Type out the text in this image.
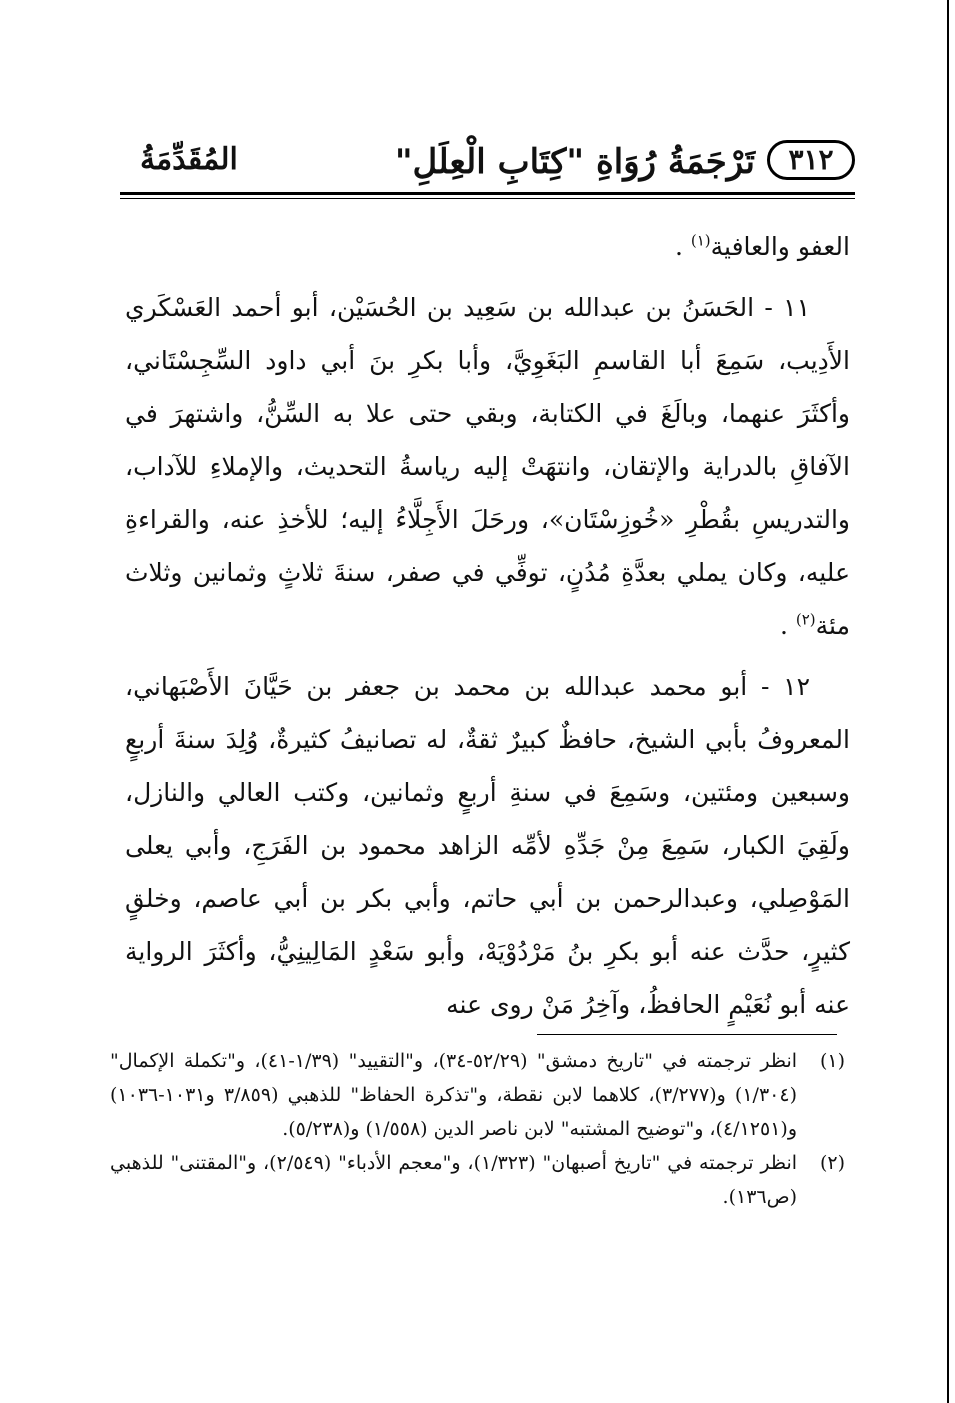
المُقَدِّمَةُ	تَرْجَمَةُ رُوَاةِ "كِتَابِ الْعِلَلِ"	٣١٢

العفو والعافية$^{(١)}$ .

١١ - الحَسَنُ بن عبدالله بن سَعِيد بن الحُسَيْن، أبو أحمد العَسْكَري الأَدِيب، سَمِعَ أبا القاسمِ البَغَوِيَّ، وأبا بكرِ بنَ أبي داود السِّجِسْتَاني، وأكثَرَ عنهما، وبالَغَ في الكتابة، وبقي حتى علا به السِّنُّ، واشتهرَ في الآفاقِ بالدراية والإتقان، وانتهَتْ إليه رياسةُ التحديث، والإملاءِ للآداب، والتدريسِ بقُطْرِ «خُوزِسْتَان»، ورحَلَ الأَجِلَّاءُ إليه؛ للأخذِ عنه، والقراءةِ عليه، وكان يملي بعدَّةِ مُدُنٍ، توفِّي في صفر، سنةَ ثلاثٍ وثمانين وثلاث مئة$^{(٢)}$ .

١٢ - أبو محمد عبدالله بن محمد بن جعفر بن حَيَّانَ الأَصْبَهاني، المعروفُ بأبي الشيخ، حافظٌ كبيرٌ ثقةٌ، له تصانيفُ كثيرةٌ، وُلِدَ سنةَ أربعٍ وسبعين ومئتين، وسَمِعَ في سنةِ أربعٍ وثمانين، وكتب العالي والنازل، ولَقِيَ الكبار، سَمِعَ مِنْ جَدِّهِ لأمِّه الزاهد محمود بن الفَرَجِ، وأبي يعلى المَوْصِلي، وعبدالرحمن بن أبي حاتم، وأبي بكر بن أبي عاصم، وخلقٍ كثيرٍ، حدَّث عنه أبو بكرِ بنُ مَرْدُوْيَهْ، وأبو سَعْدٍ المَالِينِيُّ، وأكثَرَ الرواية عنه أبو نُعَيْمٍ الحافظُ، وآخِرُ مَنْ روى عنه

(١)
انظر ترجمته في "تاريخ دمشق" (٥٢/٢٩-٣٤)، و"التقييد" (١/٣٩-٤١)، و"تكملة الإكمال" (١/٣٠٤) و(٣/٢٧٧)، كلاهما لابن نقطة، و"تذكرة الحفاظ" للذهبي (٣/٨٥٩ و١٠٣١-١٠٣٦) و(٤/١٢٥١)، و"توضيح المشتبه" لابن ناصر الدين (١/٥٥٨) و(٥/٢٣٨).
(٢)
انظر ترجمته في "تاريخ أصبهان" (١/٣٢٣)، و"معجم الأدباء" (٢/٥٤٩)، و"المقتنى" للذهبي (ص١٣٦).
